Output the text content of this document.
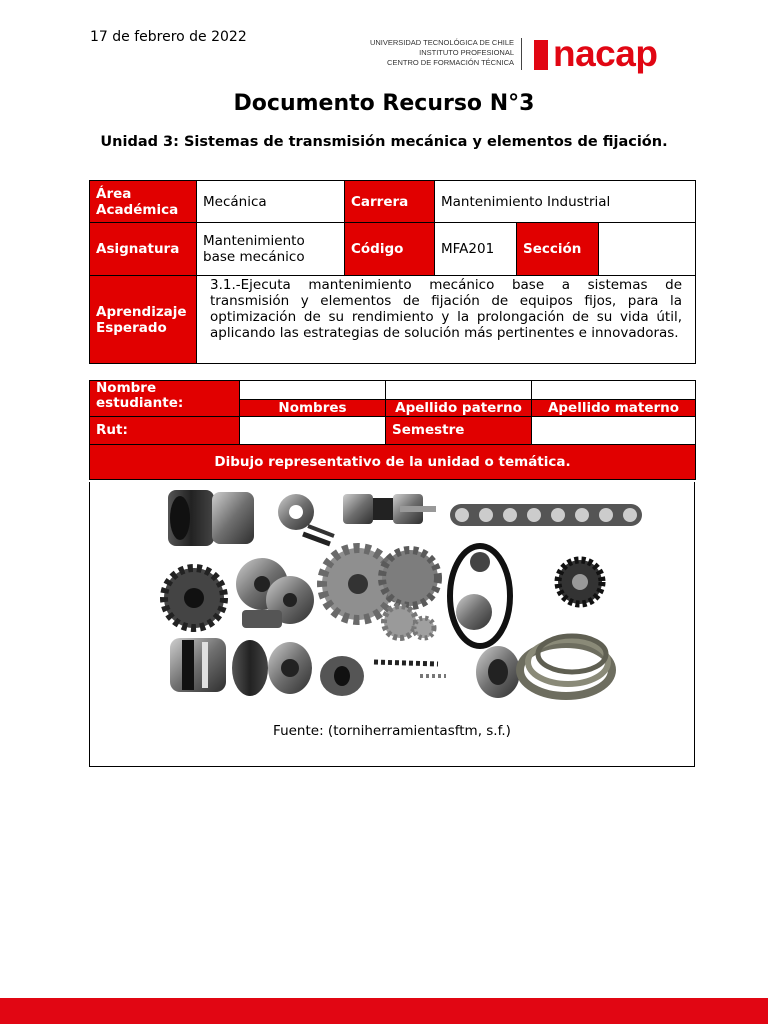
17 de febrero de 2022	UNIVERSIDAD TECNOLÓGICA DE CHILE
INSTITUTO PROFESIONAL
CENTRO DE FORMACIÓN TÉCNICA nacap
Documento Recurso N°3
Unidad 3: Sistemas de transmisión mecánica y elementos de fijación.
Área Académica	Mecánica	Carrera	Mantenimiento Industrial		
Asignatura	Mantenimiento base mecánico	Código	MFA201	Sección	
Aprendizaje Esperado	3.1.-Ejecuta mantenimiento mecánico base a sistemas de transmisión y elementos de fijación de equipos fijos, para la optimización de su rendimiento y la prolongación de su vida útil, aplicando las estrategias de solución más pertinentes e innovadoras.				
Nombre estudiante:			
	Nombres	Apellido paterno	Apellido materno
Rut:		Semestre	
Dibujo representativo de la unidad o temática.			
Fuente: (torniherramientasftm, s.f.)
